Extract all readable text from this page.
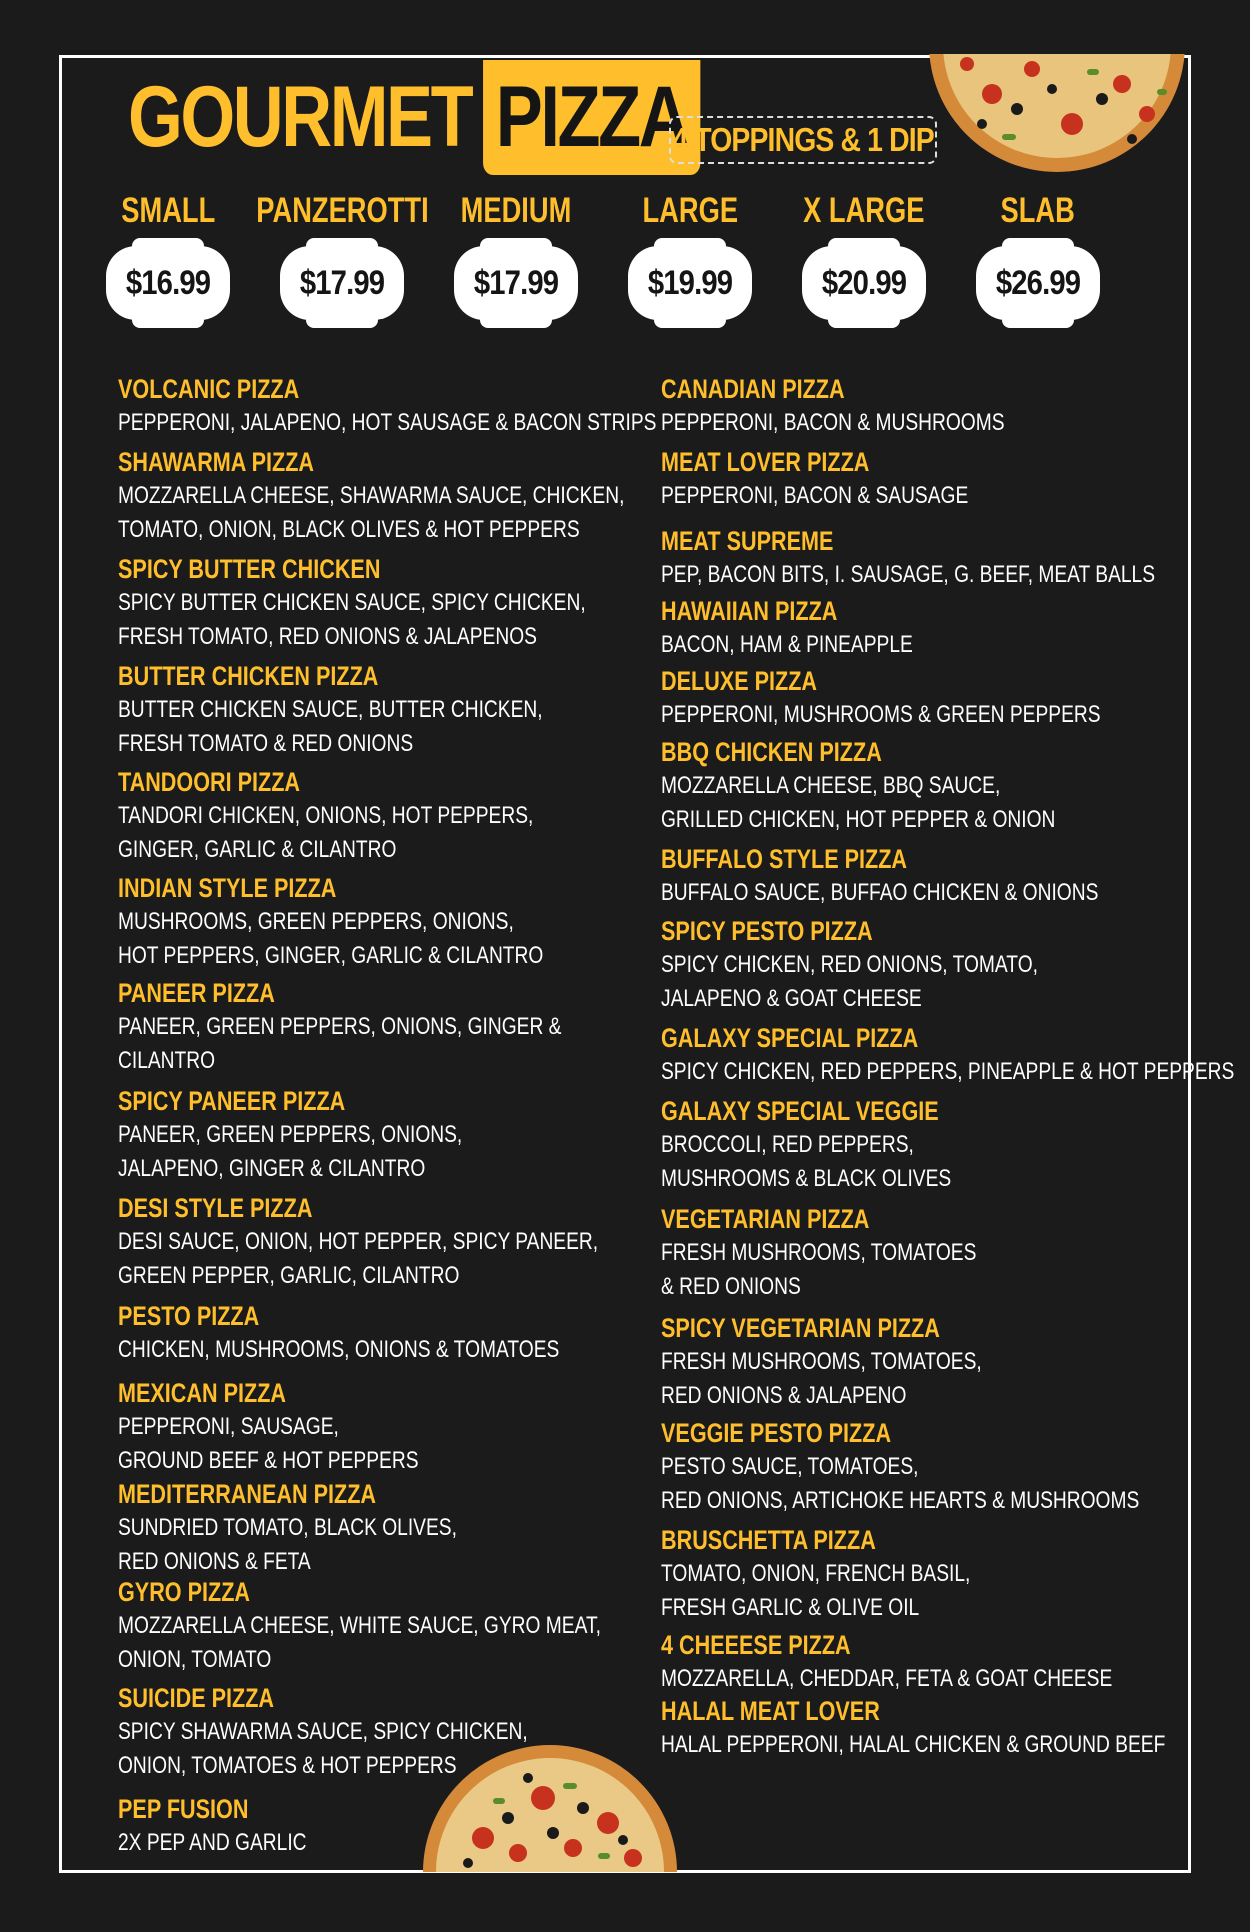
GOURMET PIZZA
4 TOPPINGS & 1 DIP
SMALL
$16.99
PANZEROTTI
$17.99
MEDIUM
$17.99
LARGE
$19.99
X LARGE
$20.99
SLAB
$26.99
VOLCANIC PIZZA
PEPPERONI, JALAPENO, HOT SAUSAGE & BACON STRIPS
SHAWARMA PIZZA
MOZZARELLA CHEESE, SHAWARMA SAUCE, CHICKEN,
TOMATO, ONION, BLACK OLIVES & HOT PEPPERS
SPICY BUTTER CHICKEN
SPICY BUTTER CHICKEN SAUCE, SPICY CHICKEN,
FRESH TOMATO, RED ONIONS & JALAPENOS
BUTTER CHICKEN PIZZA
BUTTER CHICKEN SAUCE, BUTTER CHICKEN,
FRESH TOMATO & RED ONIONS
TANDOORI PIZZA
TANDORI CHICKEN, ONIONS, HOT PEPPERS,
GINGER, GARLIC & CILANTRO
INDIAN STYLE PIZZA
MUSHROOMS, GREEN PEPPERS, ONIONS,
HOT PEPPERS, GINGER, GARLIC & CILANTRO
PANEER PIZZA
PANEER, GREEN PEPPERS, ONIONS, GINGER &
CILANTRO
SPICY PANEER PIZZA
PANEER, GREEN PEPPERS, ONIONS,
JALAPENO, GINGER & CILANTRO
DESI STYLE PIZZA
DESI SAUCE, ONION, HOT PEPPER, SPICY PANEER,
GREEN PEPPER, GARLIC, CILANTRO
PESTO PIZZA
CHICKEN, MUSHROOMS, ONIONS & TOMATOES
MEXICAN PIZZA
PEPPERONI, SAUSAGE,
GROUND BEEF & HOT PEPPERS
MEDITERRANEAN PIZZA
SUNDRIED TOMATO, BLACK OLIVES,
RED ONIONS & FETA
GYRO PIZZA
MOZZARELLA CHEESE, WHITE SAUCE, GYRO MEAT,
ONION, TOMATO
SUICIDE PIZZA
SPICY SHAWARMA SAUCE, SPICY CHICKEN,
ONION, TOMATOES & HOT PEPPERS
PEP FUSION
2X PEP AND GARLIC
CANADIAN PIZZA
PEPPERONI, BACON & MUSHROOMS
MEAT LOVER PIZZA
PEPPERONI, BACON & SAUSAGE
MEAT SUPREME
PEP, BACON BITS, I. SAUSAGE, G. BEEF, MEAT BALLS
HAWAIIAN PIZZA
BACON, HAM & PINEAPPLE
DELUXE PIZZA
PEPPERONI, MUSHROOMS & GREEN PEPPERS
BBQ CHICKEN PIZZA
MOZZARELLA CHEESE, BBQ SAUCE,
GRILLED CHICKEN, HOT PEPPER & ONION
BUFFALO STYLE PIZZA
BUFFALO SAUCE, BUFFAO CHICKEN & ONIONS
SPICY PESTO PIZZA
SPICY CHICKEN, RED ONIONS, TOMATO,
JALAPENO & GOAT CHEESE
GALAXY SPECIAL PIZZA
SPICY CHICKEN, RED PEPPERS, PINEAPPLE & HOT PEPPERS
GALAXY SPECIAL VEGGIE
BROCCOLI, RED PEPPERS,
MUSHROOMS & BLACK OLIVES
VEGETARIAN PIZZA
FRESH MUSHROOMS, TOMATOES
& RED ONIONS
SPICY VEGETARIAN PIZZA
FRESH MUSHROOMS, TOMATOES,
RED ONIONS & JALAPENO
VEGGIE PESTO PIZZA
PESTO SAUCE, TOMATOES,
RED ONIONS, ARTICHOKE HEARTS & MUSHROOMS
BRUSCHETTA PIZZA
TOMATO, ONION, FRENCH BASIL,
FRESH GARLIC & OLIVE OIL
4 CHEEESE PIZZA
MOZZARELLA, CHEDDAR, FETA & GOAT CHEESE
HALAL MEAT LOVER
HALAL PEPPERONI, HALAL CHICKEN & GROUND BEEF
